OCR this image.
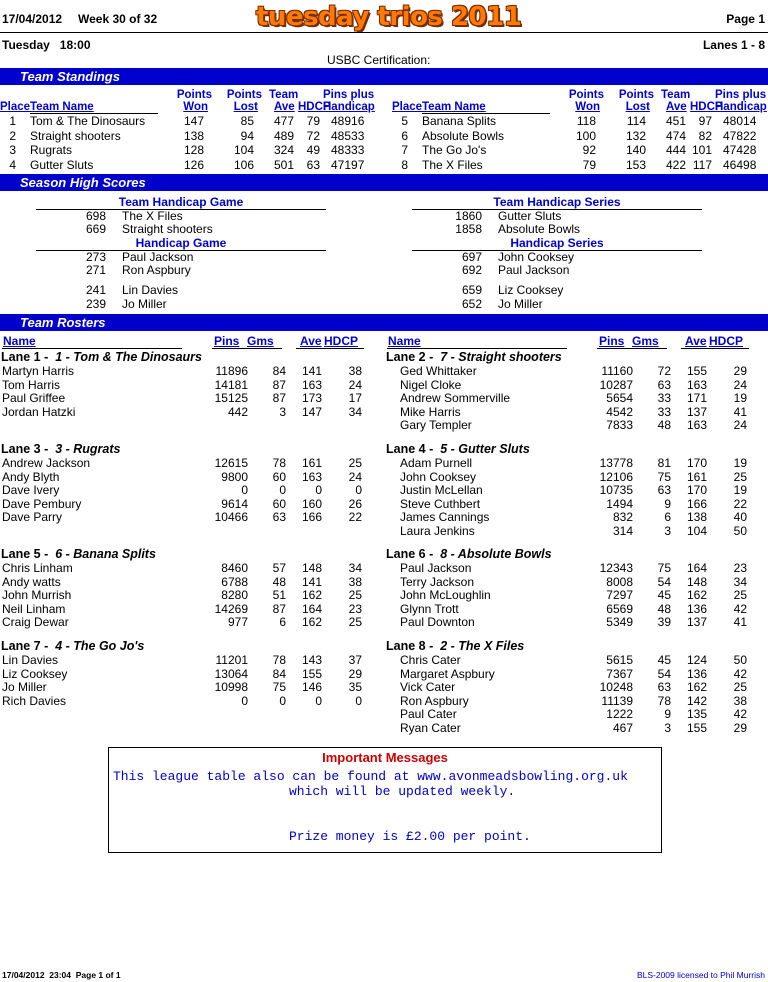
17/04/2012 Week 30 of 32	tuesday trios 2011	Page 1
Tuesday   18:00	Lanes 1 - 8
USBC Certification:
Team Standings
Place Team Name
Points
Won
Points
Lost
Team
Ave HDCP
Pins plus
Handicap
1 Tom & The Dinosaurs	147	85	477	79 48916
2 Straight shooters	138	94	489	72 48533
3 Rugrats	128	104	324	49 48333
4 Gutter Sluts	126	106	501	63 47197
Place Team Name
Points
Won
Points
Lost
Team
Ave HDCP
Pins plus
Handicap
5 Banana Splits	118	114	451	97 48014
6 Absolute Bowls	100	132	474	82 47822
7 The Go Jo's	92	140	444 101 47428
8 The X Files	79	153	422 117 46498
Season High Scores
Team Handicap Game
698 The X Files
669 Straight shooters
Team Handicap Series
1860 Gutter Sluts
1858 Absolute Bowls
Handicap Game
273 Paul Jackson
271 Ron Aspbury
Handicap Series
697 John Cooksey
692 Paul Jackson
241 Lin Davies
239 Jo Miller
659 Liz Cooksey
652 Jo Miller
Team Rosters
Name	Pins Gms Ave HDCP Name	Pins Gms Ave HDCP
Lane 1 - 1 - Tom & The Dinosaurs
Martyn Harris	11896	84	141	38
Tom Harris	14181	87	163	24
Paul Griffee	15125	87	173	17
Jordan Hatzki	442	3	147	34
Lane 2 - 7 - Straight shooters
Ged Whittaker	11160	72	155	29
Nigel Cloke	10287	63	163	24
Andrew Sommerville	5654	33	171	19
Mike Harris	4542	33	137	41
Gary Templer	7833	48	163	24
Lane 3 - 3 - Rugrats
Andrew Jackson	12615	78	161	25
Andy Blyth	9800	60	163	24
Dave Ivery	0	0	0	0
Dave Pembury	9614	60	160	26
Dave Parry	10466	63	166	22
Lane 4 - 5 - Gutter Sluts
Adam Purnell	13778	81	170	19
John Cooksey	12106	75	161	25
Justin McLellan	10735	63	170	19
Steve Cuthbert	1494	9	166	22
James Cannings	832	6	138	40
Laura Jenkins	314	3	104	50
Lane 5 - 6 - Banana Splits
Chris Linham	8460	57	148	34
Andy watts	6788	48	141	38
John Murrish	8280	51	162	25
Neil Linham	14269	87	164	23
Craig Dewar	977	6	162	25
Lane 6 - 8 - Absolute Bowls
Paul Jackson	12343	75	164	23
Terry Jackson	8008	54	148	34
John McLoughlin	7297	45	162	25
Glynn Trott	6569	48	136	42
Paul Downton	5349	39	137	41
Lane 7 - 4 - The Go Jo's
Lin Davies	11201	78	143	37
Liz Cooksey	13064	84	155	29
Jo Miller	10998	75	146	35
Rich Davies	0	0	0	0
Lane 8 - 2 - The X Files
Chris Cater	5615	45	124	50
Margaret Aspbury	7367	54	136	42
Vick Cater	10248	63	162	25
Ron Aspbury	11139	78	142	38
Paul Cater	1222	9	135	42
Ryan Cater	467	3	155	29
Important Messages
This league table also can be found at www.avonmeadsbowling.org.uk
which will be updated weekly.
Prize money is £2.00 per point.
17/04/2012  23:04  Page 1 of 1	BLS-2009 licensed to Phil Murrish
